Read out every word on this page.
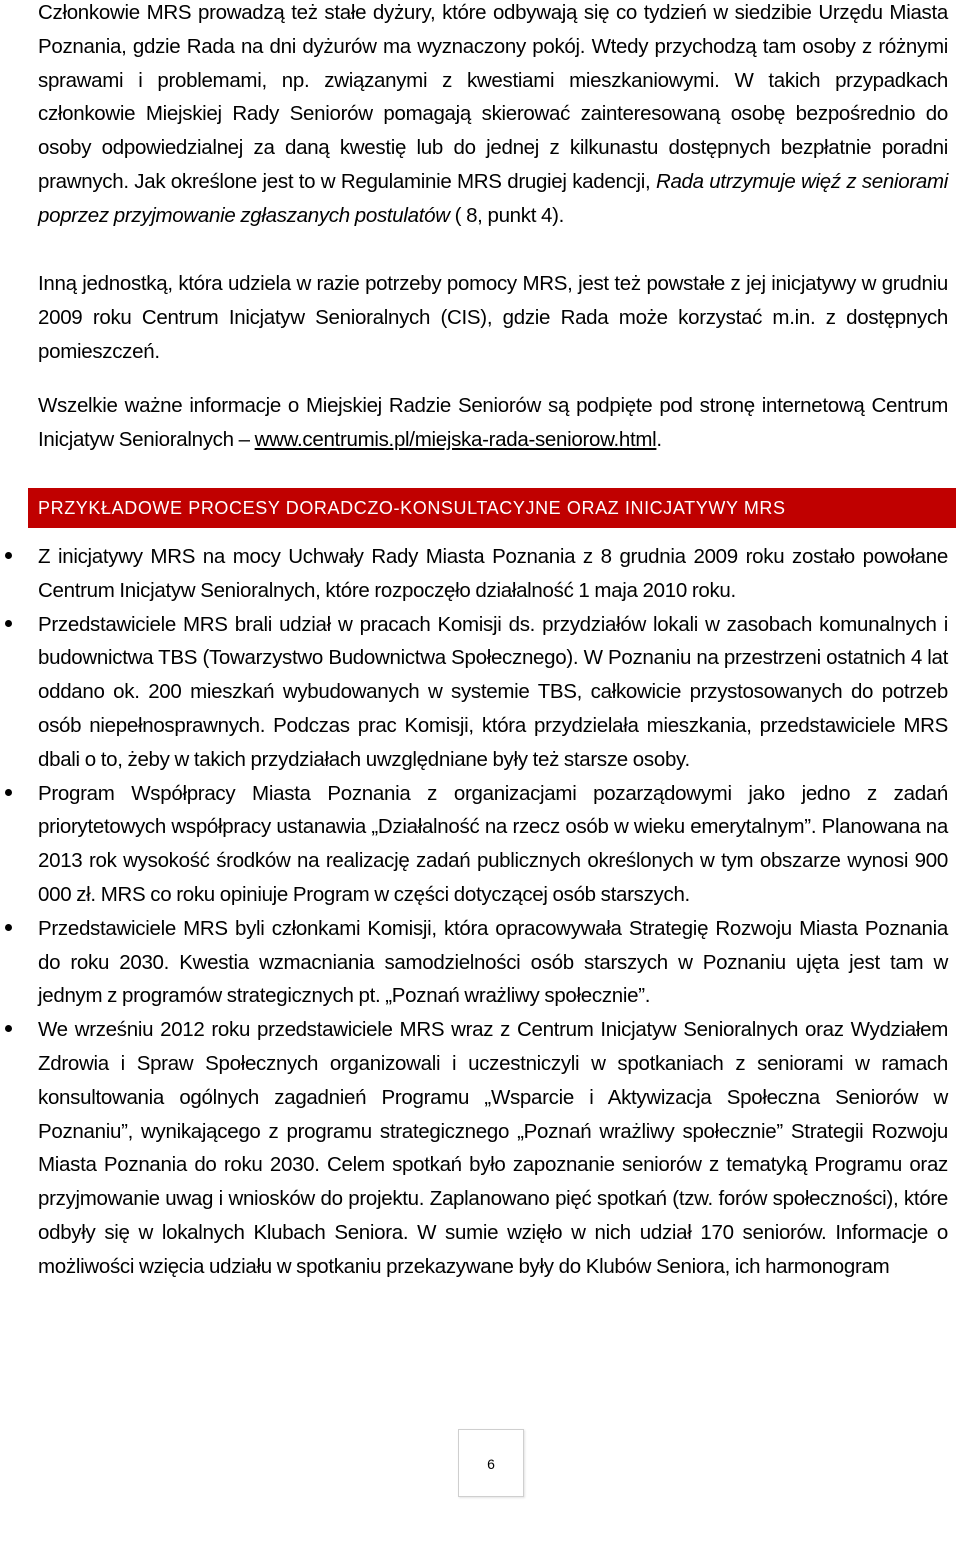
Członkowie MRS prowadzą też stałe dyżury, które odbywają się co tydzień w siedzibie Urzędu Miasta Poznania, gdzie Rada na dni dyżurów ma wyznaczony pokój. Wtedy przychodzą tam osoby z różnymi sprawami i problemami, np. związanymi z kwestiami mieszkaniowymi. W takich przypadkach członkowie Miejskiej Rady Seniorów pomagają skierować zainteresowaną osobę bezpośrednio do osoby odpowiedzialnej za daną kwestię lub do jednej z kilkunastu dostępnych bezpłatnie poradni prawnych. Jak określone jest to w Regulaminie MRS drugiej kadencji, Rada utrzymuje więź z seniorami poprzez przyjmowanie zgłaszanych postulatów ( 8, punkt 4).

Inną jednostką, która udziela w razie potrzeby pomocy MRS, jest też powstałe z jej inicjatywy w grudniu 2009 roku Centrum Inicjatyw Senioralnych (CIS), gdzie Rada może korzystać m.in. z dostępnych pomieszczeń.

Wszelkie ważne informacje o Miejskiej Radzie Seniorów są podpięte pod stronę internetową Centrum Inicjatyw Senioralnych – www.centrumis.pl/miejska-rada-seniorow.html.

PRZYKŁADOWE PROCESY DORADCZO-KONSULTACYJNE ORAZ INICJATYWY MRS
Z inicjatywy MRS na mocy Uchwały Rady Miasta Poznania z 8 grudnia 2009 roku zostało powołane Centrum Inicjatyw Senioralnych, które rozpoczęło działalność 1 maja 2010 roku.
Przedstawiciele MRS brali udział w pracach Komisji ds. przydziałów lokali w zasobach komunalnych i budownictwa TBS (Towarzystwo Budownictwa Społecznego). W Poznaniu na przestrzeni ostatnich 4 lat oddano ok. 200 mieszkań wybudowanych w systemie TBS, całkowicie przystosowanych do potrzeb osób niepełnosprawnych. Podczas prac Komisji, która przydzielała mieszkania, przedstawiciele MRS dbali o to, żeby w takich przydziałach uwzględniane były też starsze osoby.
Program Współpracy Miasta Poznania z organizacjami pozarządowymi jako jedno z zadań priorytetowych współpracy ustanawia „Działalność na rzecz osób w wieku emerytalnym”. Planowana na 2013 rok wysokość środków na realizację zadań publicznych określonych w tym obszarze wynosi 900 000 zł. MRS co roku opiniuje Program w części dotyczącej osób starszych.
Przedstawiciele MRS byli członkami Komisji, która opracowywała Strategię Rozwoju Miasta Poznania do roku 2030. Kwestia wzmacniania samodzielności osób starszych w Poznaniu ujęta jest tam w jednym z programów strategicznych pt. „Poznań wrażliwy społecznie”.
We wrześniu 2012 roku przedstawiciele MRS wraz z Centrum Inicjatyw Senioralnych oraz Wydziałem Zdrowia i Spraw Społecznych organizowali i uczestniczyli w spotkaniach z seniorami w ramach konsultowania ogólnych zagadnień Programu „Wsparcie i Aktywizacja Społeczna Seniorów w Poznaniu”, wynikającego z programu strategicznego „Poznań wrażliwy społecznie” Strategii Rozwoju Miasta Poznania do roku 2030. Celem spotkań było zapoznanie seniorów z tematyką Programu oraz przyjmowanie uwag i wniosków do projektu. Zaplanowano pięć spotkań (tzw. forów społeczności), które odbyły się w lokalnych Klubach Seniora. W sumie wzięło w nich udział 170 seniorów. Informacje o możliwości wzięcia udziału w spotkaniu przekazywane były do Klubów Seniora, ich harmonogram
6
